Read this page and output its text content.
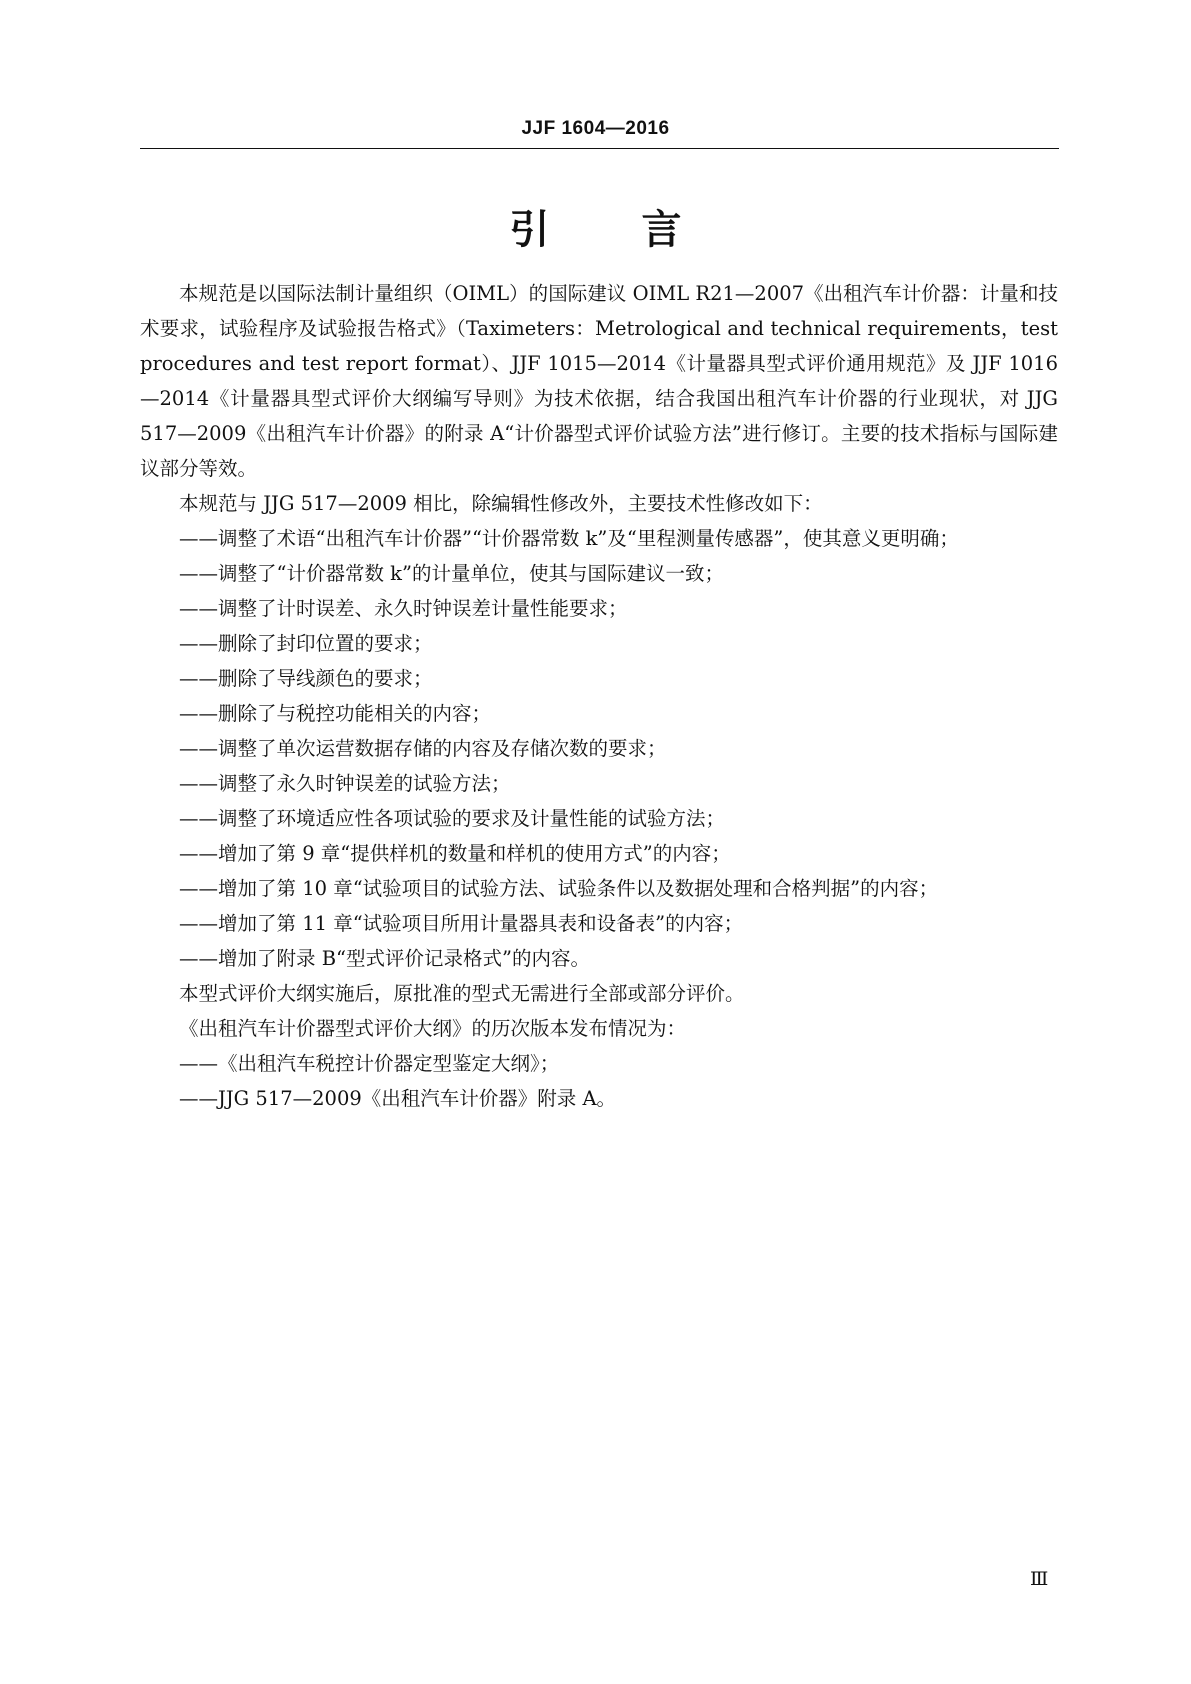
JJF 1604—2016
引 言

本规范是以国际法制计量组织（OIML）的国际建议 OIML R21—2007《出租汽车计价器：计量和技术要求，试验程序及试验报告格式》（Taximeters：Metrological and technical requirements，test procedures and test report format）、JJF 1015—2014《计量器具型式评价通用规范》及 JJF 1016—2014《计量器具型式评价大纲编写导则》为技术依据，结合我国出租汽车计价器的行业现状，对 JJG 517—2009《出租汽车计价器》的附录 A“计价器型式评价试验方法”进行修订。主要的技术指标与国际建议部分等效。

本规范与 JJG 517—2009 相比，除编辑性修改外，主要技术性修改如下：

——调整了术语“出租汽车计价器”“计价器常数 k”及“里程测量传感器”，使其意义更明确；

——调整了“计价器常数 k”的计量单位，使其与国际建议一致；

——调整了计时误差、永久时钟误差计量性能要求；

——删除了封印位置的要求；

——删除了导线颜色的要求；

——删除了与税控功能相关的内容；

——调整了单次运营数据存储的内容及存储次数的要求；

——调整了永久时钟误差的试验方法；

——调整了环境适应性各项试验的要求及计量性能的试验方法；

——增加了第 9 章“提供样机的数量和样机的使用方式”的内容；

——增加了第 10 章“试验项目的试验方法、试验条件以及数据处理和合格判据”的内容；

——增加了第 11 章“试验项目所用计量器具表和设备表”的内容；

——增加了附录 B“型式评价记录格式”的内容。

本型式评价大纲实施后，原批准的型式无需进行全部或部分评价。

《出租汽车计价器型式评价大纲》的历次版本发布情况为：

——《出租汽车税控计价器定型鉴定大纲》；

——JJG 517—2009《出租汽车计价器》附录 A。

Ⅲ
